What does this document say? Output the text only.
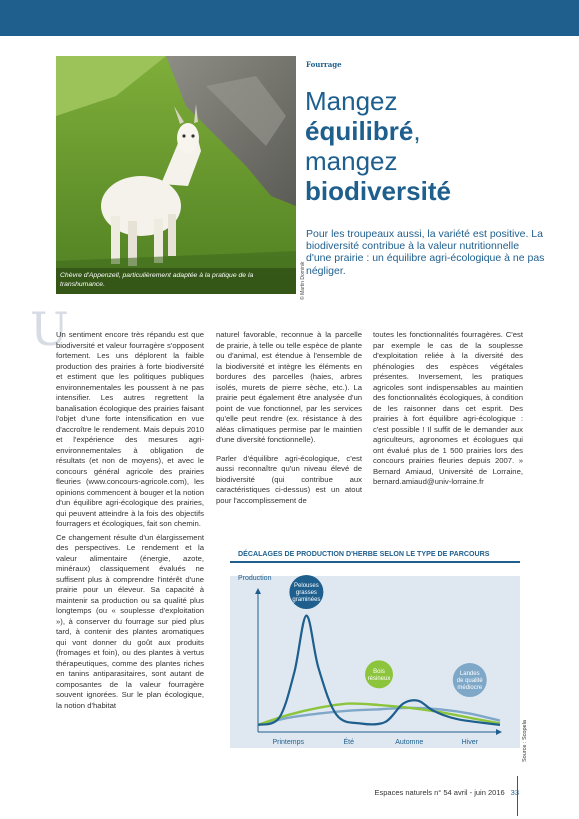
Chèvre d'Appenzell, particulièrement adaptée à la pratique de la transhumance.	© Martin Dominik
Fourrage
Mangez
équilibré,
mangez
biodiversité
Pour les troupeaux aussi, la variété est positive. La biodiversité contribue à la valeur nutritionnelle d'une prairie : un équilibre agri-écologique à ne pas négliger.
U

Un sentiment encore très répandu est que biodiversité et valeur fourragère s'opposent fortement. Les uns déplorent la faible production des prairies à forte biodiversité et estiment que les politiques publiques environnementales les poussent à ne pas intensifier. Les autres regrettent la banalisation écologique des prairies faisant l'objet d'une forte intensification en vue d'accroître le rendement. Mais depuis 2010 et l'expérience des mesures agri-environnementales à obligation de résultats (et non de moyens), et avec le concours général agricole des prairies fleuries (www.concours-agricole.com), les opinions commencent à bouger et la notion d'un équilibre agri-écologique des prairies, qui peuvent atteindre à la fois des objectifs fourragers et écologiques, fait son chemin.

Ce changement résulte d'un élargissement des perspectives. Le rendement et la valeur alimentaire (énergie, azote, minéraux) classiquement évalués ne suffisent plus à comprendre l'intérêt d'une prairie pour un éleveur. Sa capacité à maintenir sa production ou sa qualité plus longtemps (ou « souplesse d'exploitation »), à conserver du fourrage sur pied plus tard, à contenir des plantes aromatiques qui vont donner du goût aux produits (fromages et foin), ou des plantes à vertus thérapeutiques, comme des plantes riches en tanins antiparasitaires, sont autant de composantes de la valeur fourragère souvent ignorées. Sur le plan écologique, la notion d'habitat

naturel favorable, reconnue à la parcelle de prairie, à telle ou telle espèce de plante ou d'animal, est étendue à l'ensemble de la biodiversité et intègre les éléments en bordures des parcelles (haies, arbres isolés, murets de pierre sèche, etc.). La prairie peut également être analysée d'un point de vue fonctionnel, par les services qu'elle peut rendre (ex. résistance à des aléas climatiques permise par le maintien d'une diversité fonctionnelle).

Parler d'équilibre agri-écologique, c'est aussi reconnaître qu'un niveau élevé de biodiversité (qui contribue aux caractéristiques ci-dessus) est un atout pour l'accomplissement de

toutes les fonctionnalités fourragères. C'est par exemple le cas de la souplesse d'exploitation reliée à la diversité des phénologies des espèces végétales présentes. Inversement, les pratiques agricoles sont indispensables au maintien des fonctionnalités écologiques, à condition de les raisonner dans cet esprit. Des prairies à fort équilibre agri-écologique : c'est possible ! Il suffit de le demander aux agriculteurs, agronomes et écologues qui ont évalué plus de 1 500 prairies lors des concours prairies fleuries depuis 2007. » Bernard Amiaud, Université de Lorraine, bernard.amiaud@univ-lorraine.fr

DÉCALAGES DE PRODUCTION D'HERBE SELON LE TYPE DE PARCOURS
Production
Pelouses
grasses
graminées
Bois
résineux
Landes
de qualité
médiocre
Printemps	Été	Automne	Hiver	Source : Scopela
Espaces naturels n° 54 avril - juin 2016 33
